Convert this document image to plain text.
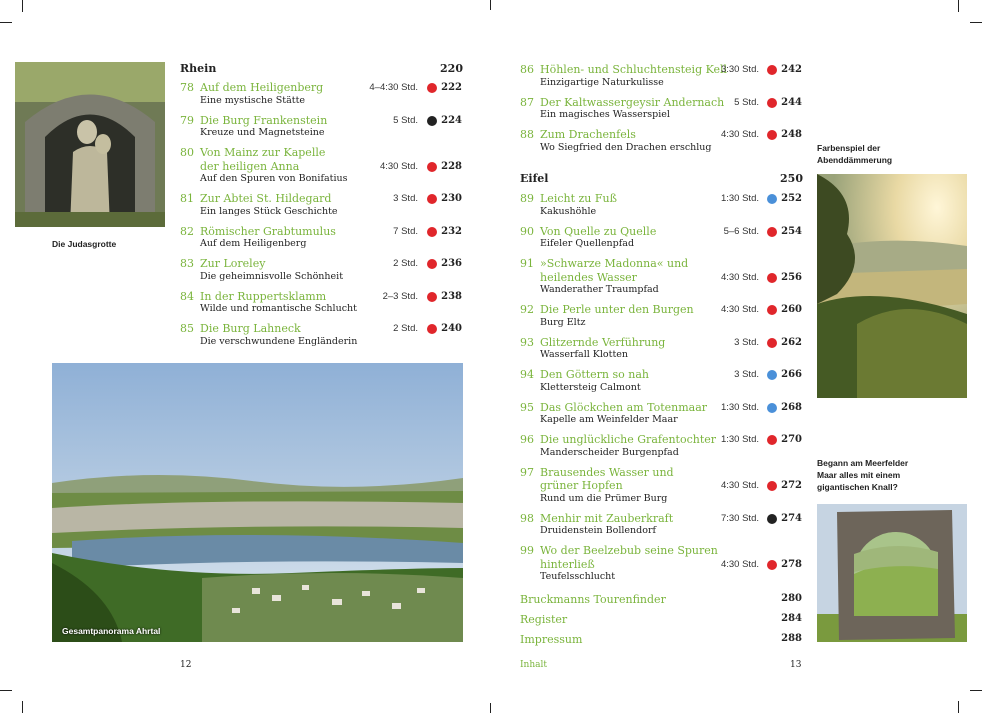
Die Judasgrotte
Rhein	220
78 Auf dem Heiligenberg
Eine mystische Stätte
4–4:30 Std.	222
79 Die Burg Frankenstein
Kreuze und Magnetsteine
5 Std.	224
80 Von Mainz zur Kapelle
der heiligen Anna
Auf den Spuren von Bonifatius
4:30 Std.	228
81 Zur Abtei St. Hildegard
Ein langes Stück Geschichte
3 Std.	230
82 Römischer Grabtumulus
Auf dem Heiligenberg
7 Std.	232
83 Zur Loreley
Die geheimnisvolle Schönheit
2 Std.	236
84 In der Ruppertsklamm
Wilde und romantische Schlucht
2–3 Std.	238
85 Die Burg Lahneck
Die verschwundene Engländerin
2 Std.	240
Gesamtpanorama Ahrtal
12
86 Höhlen- und Schluchtensteig Kell
Einzigartige Naturkulisse
3:30 Std.	242
87 Der Kaltwassergeysir Andernach
Ein magisches Wasserspiel
5 Std.	244
88 Zum Drachenfels
Wo Siegfried den Drachen erschlug
4:30 Std.	248
Eifel	250
89 Leicht zu Fuß
Kakushöhle
1:30 Std.	252
90 Von Quelle zu Quelle
Eifeler Quellenpfad
5–6 Std.	254
91 »Schwarze Madonna« und
heilendes Wasser
Wanderather Traumpfad
4:30 Std.	256
92 Die Perle unter den Burgen
Burg Eltz
4:30 Std.	260
93 Glitzernde Verführung
Wasserfall Klotten
3 Std.	262
94 Den Göttern so nah
Klettersteig Calmont
3 Std.	266
95 Das Glöckchen am Totenmaar
Kapelle am Weinfelder Maar
1:30 Std.	268
96 Die unglückliche Grafentochter
Manderscheider Burgenpfad
1:30 Std.	270
97 Brausendes Wasser und
grüner Hopfen
Rund um die Prümer Burg
4:30 Std.	272
98 Menhir mit Zauberkraft
Druidenstein Bollendorf
7:30 Std.	274
99 Wo der Beelzebub seine Spuren
hinterließ
Teufelsschlucht
4:30 Std.	278
Bruckmanns Tourenfinder	280
Register	284
Impressum	288
Farbenspiel der
Abenddämmerung
Begann am Meerfelder
Maar alles mit einem
gigantischen Knall?
Inhalt	13
